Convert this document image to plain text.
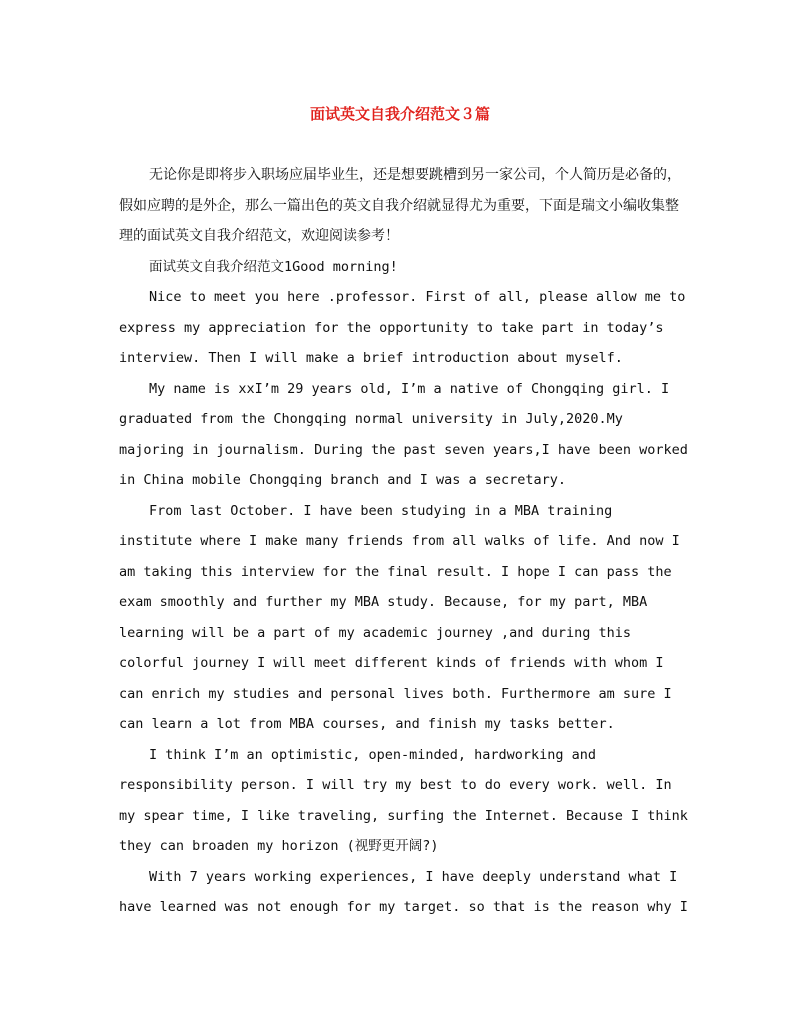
面试英文自我介绍范文３篇

无论你是即将步入职场应届毕业生，还是想要跳槽到另一家公司，个人简历是必备的，假如应聘的是外企，那么一篇出色的英文自我介绍就显得尤为重要，下面是瑞文小编收集整理的面试英文自我介绍范文，欢迎阅读参考！

面试英文自我介绍范文1Good morning!

Nice to meet you here .professor. First of all, please allow me to express my appreciation for the opportunity to take part in today’s interview. Then I will make a brief introduction about myself.

My name is xxI’m 29 years old, I’m a native of Chongqing girl. I graduated from the Chongqing normal university in July,2020.My majoring in journalism. During the past seven years,I have been worked in China mobile Chongqing branch and I was a secretary.

From last October. I have been studying in a MBA training institute where I make many friends from all walks of life. And now I am taking this interview for the final result. I hope I can pass the exam smoothly and further my MBA study. Because, for my part, MBA learning will be a part of my academic journey ,and during this colorful journey I will meet different kinds of friends with whom I can enrich my studies and personal lives both. Furthermore am sure I can learn a lot from MBA courses, and finish my tasks better.

I think I’m an optimistic, open-minded, hardworking and responsibility person. I will try my best to do every work. well. In my spear time, I like traveling, surfing the Internet. Because I think they can broaden my horizon (视野更开阔?)

With 7 years working experiences, I have deeply understand what I have learned was not enough for my target. so that is the reason why I
